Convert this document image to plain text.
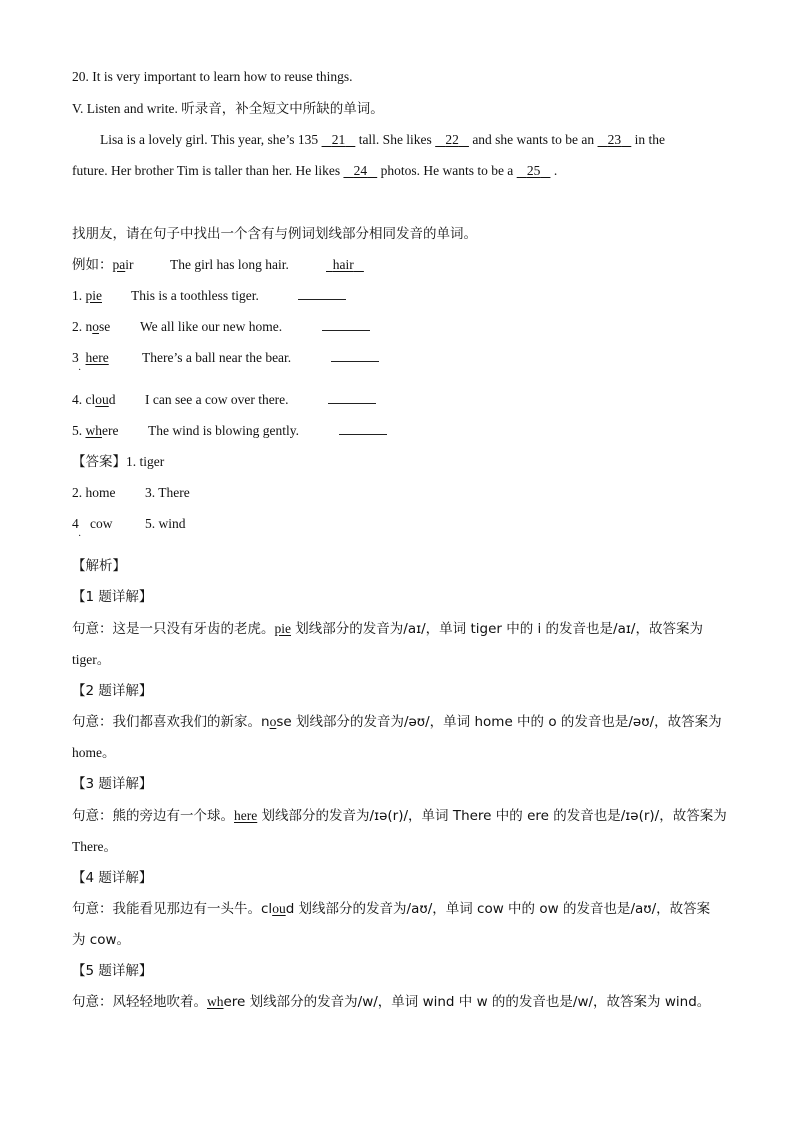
20. It is very important to learn how to reuse things.
V. Listen and write. 听录音，补全短文中所缺的单词。
Lisa is a lovely girl. This year, she’s 135    21    tall. She likes    22    and she wants to be an    23    in the
future. Her brother Tim is taller than her. He likes    24    photos. He wants to be a    25    .
找朋友，请在句子中找出一个含有与例词划线部分相同发音的单词。
例如：pair	The girl has long hair.	hair
1. pie This is a toothless tiger.
2. nose We all like our new home.
3 here
·
There’s a ball near the bear.
4. cloud I can see a cow over there.
5. where The wind is blowing gently.
【答案】1. tiger
2. home 3. There
4
·
cow 5. wind
【解析】
【1 题详解】
句意：这是一只没有牙齿的老虎。pie 划线部分的发音为/aɪ/，单词 tiger 中的 i 的发音也是/aɪ/，故答案为
tiger。
【2 题详解】
句意：我们都喜欢我们的新家。nose 划线部分的发音为/əʊ/，单词 home 中的 o 的发音也是/əʊ/，故答案为
home。
【3 题详解】
句意：熊的旁边有一个球。here 划线部分的发音为/ɪə(r)/，单词 There 中的 ere 的发音也是/ɪə(r)/，故答案为
There。
【4 题详解】
句意：我能看见那边有一头牛。cloud 划线部分的发音为/aʊ/，单词 cow 中的 ow 的发音也是/aʊ/，故答案
为 cow。
【5 题详解】
句意：风轻轻地吹着。where 划线部分的发音为/w/，单词 wind 中 w 的的发音也是/w/，故答案为 wind。
